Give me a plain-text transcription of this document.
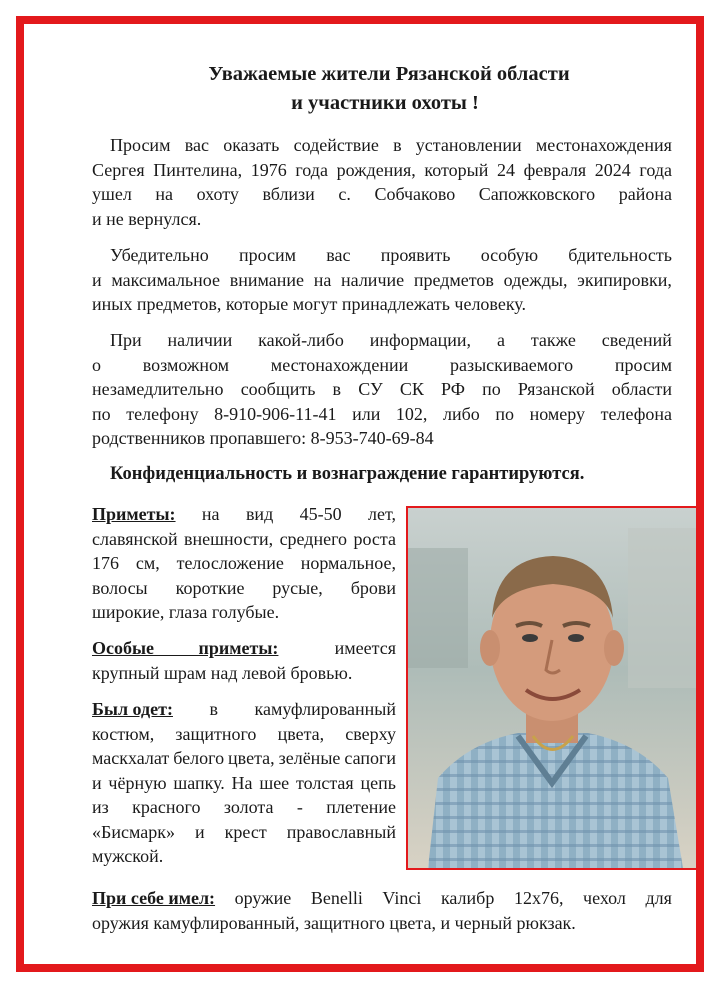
Уважаемые жители Рязанской области
и участники охоты !
Просим вас оказать содействие в установлении местонахождения
Сергея Пинтелина, 1976 года рождения, который 24 февраля 2024 года
ушел на охоту вблизи с. Собчаково Сапожковского района
и не вернулся.
Убедительно просим вас проявить особую бдительность
и максимальное внимание на наличие предметов одежды, экипировки,
иных предметов, которые могут принадлежать человеку.
При наличии какой-либо информации, а также сведений
о возможном местонахождении разыскиваемого просим
незамедлительно сообщить в СУ СК РФ по Рязанской области
по телефону 8-910-906-11-41 или 102, либо по номеру телефона
родственников пропавшего: 8-953-740-69-84
Конфиденциальность и вознаграждение гарантируются.
Приметы: на вид 45-50 лет,
славянской внешности, среднего роста
176 см, телосложение нормальное,
волосы короткие русые, брови
широкие, глаза голубые.
Особые приметы:	имеется
крупный шрам над левой бровью.
Был одет: в камуфлированный
костюм, защитного цвета, сверху
маскхалат белого цвета, зелёные сапоги
и чёрную шапку. На шее толстая цепь
из красного золота - плетение
«Бисмарк» и крест православный
мужской.
При себе имел: оружие Benelli Vinci калибр 12х76, чехол для
оружия камуфлированный, защитного цвета, и черный рюкзак.
